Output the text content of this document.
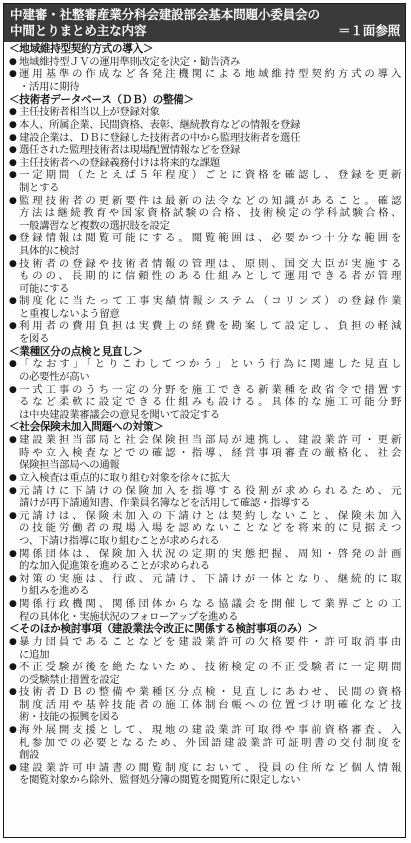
中建審・社整審産業分科会建設部会基本問題小委員会の
中間とりまとめ主な内容	＝１面参照
＜地域維持型契約方式の導入＞
● 地域維持型ＪＶの運用準則改定を決定・勧告済み
● 運用基準の作成など各発注機関による地域維持型契約方式の導入
・活用に期待
＜技術者データベース（ＤＢ）の整備＞
● 主任技術者相当以上が登録対象
● 本人、所属企業、民間資格、表彰、継続教育などの情報を登録
● 建設企業は、ＤＢに登録した技術者の中から監理技術者を選任
● 選任された監理技術者は現場配置情報などを登録
● 主任技術者への登録義務付けは将来的な課題
● 一定期間（たとえば５年程度）ごとに資格を確認し、登録を更新
制とする
● 監理技術者の更新要件は最新の法令などの知識があること。確認
方法は継続教育や国家資格試験の合格、技術検定の学科試験合格、
一般講習など複数の選択肢を設定
● 登録情報は閲覧可能にする。閲覧範囲は、必要かつ十分な範囲を
具体的に検討
● 技術者の登録や技術者情報の管理は、原則、国交大臣が実施する
ものの、長期的に信頼性のある仕組みとして運用できる者が管理
可能にする
● 制度化に当たって工事実績情報システム（コリンズ）の登録作業
と重複しないよう留意
● 利用者の費用負担は実費上の経費を勘案して設定し、負担の軽減
を図る
＜業種区分の点検と見直し＞
● 「なおす」「とりこわしてつかう」という行為に関連した見直し
の必要性が高い
● 一式工事のうち一定の分野を施工できる新業種を政省令で措置す
るなど柔軟に設定できる仕組みも設ける。具体的な施工可能分野
は中央建設業審議会の意見を聞いて設定する
＜社会保険未加入問題への対策＞
● 建設業担当部局と社会保険担当部局が連携し、建設業許可・更新
時や立入検査などでの確認・指導、経営事項審査の厳格化、社会
保険担当部局への通報
● 立入検査は重点的に取り組む対象を徐々に拡大
● 元請けに下請けの保険加入を指導する役割が求められるため、元
請けが再下請通知書、作業員名簿などを活用して確認・指導する
● 元請けは、保険未加入の下請けとは契約しないこと、保険未加入
の技能労働者の現場入場を認めないことなどを将来的に見据えつ
つ、下請け指導に取り組むことが求められる
● 関係団体は、保険加入状況の定期的実態把握、周知・啓発の計画
的な加入促進策を進めることが求められる
● 対策の実施は、行政、元請け、下請けが一体となり、継続的に取
り組みを進める
● 関係行政機関、関係団体からなる協議会を開催して業界ごとの工
程の具体化・実施状況のフォローアップを進める
＜そのほか検討事項（建設業法令改正に関係する検討事項のみ）＞
● 暴力団員であることなどを建設業許可の欠格要件・許可取消事由
に追加
● 不正受験が後を絶たないため、技術検定の不正受験者に一定期間
の受験禁止措置を設定
● 技術者ＤＢの整備や業種区分点検・見直しにあわせ、民間の資格
制度活用や基幹技能者の施工体制台帳への位置づけ明確化など技
術・技能の振興を図る
● 海外展開支援として、現地の建設業許可取得や事前資格審査、入
札参加での必要となるため、外国語建設業許可証明書の交付制度を
創設
● 建設業許可申請書の閲覧制度において、役員の住所など個人情報
を閲覧対象から除外、監督処分簿の閲覧を閲覧所に限定しない
